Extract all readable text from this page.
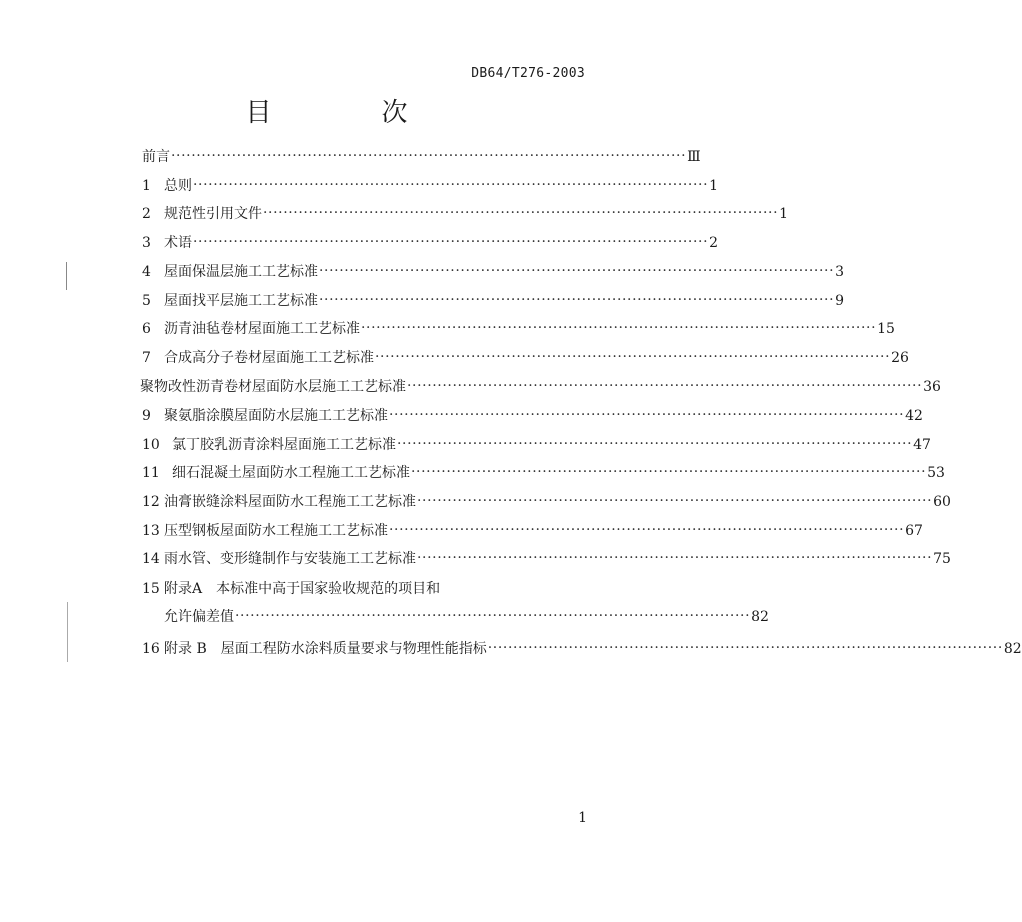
DB64/T276-2003
目　次
前言 ······································································································ Ⅲ
1 总则 ······································································································ 1
2 规范性引用文件 ······································································································ 1
3 术语 ······································································································ 2
4 屋面保温层施工工艺标准 ······································································································ 3
5 屋面找平层施工工艺标准 ······································································································ 9
6 沥青油毡卷材屋面施工工艺标准 ······································································································ 15
7 合成高分子卷材屋面施工工艺标准 ······································································································ 26
聚物改性沥青卷材屋面防水层施工工艺标准 ······································································································ 36
9 聚氨脂涂膜屋面防水层施工工艺标准 ······································································································ 42
10 氯丁胶乳沥青涂料屋面施工工艺标准 ······································································································ 47
11 细石混凝土屋面防水工程施工工艺标准 ······································································································ 53
12 油膏嵌缝涂料屋面防水工程施工工艺标准 ······································································································ 60
13 压型钢板屋面防水工程施工工艺标准 ······································································································ 67
14 雨水管、变形缝制作与安装施工工艺标准 ······································································································ 75
15 附录A　本标准中高于国家验收规范的项目和
允许偏差值 ······································································································ 82
16 附录 B　屋面工程防水涂料质量要求与物理性能指标 ······································································································ 82
1
